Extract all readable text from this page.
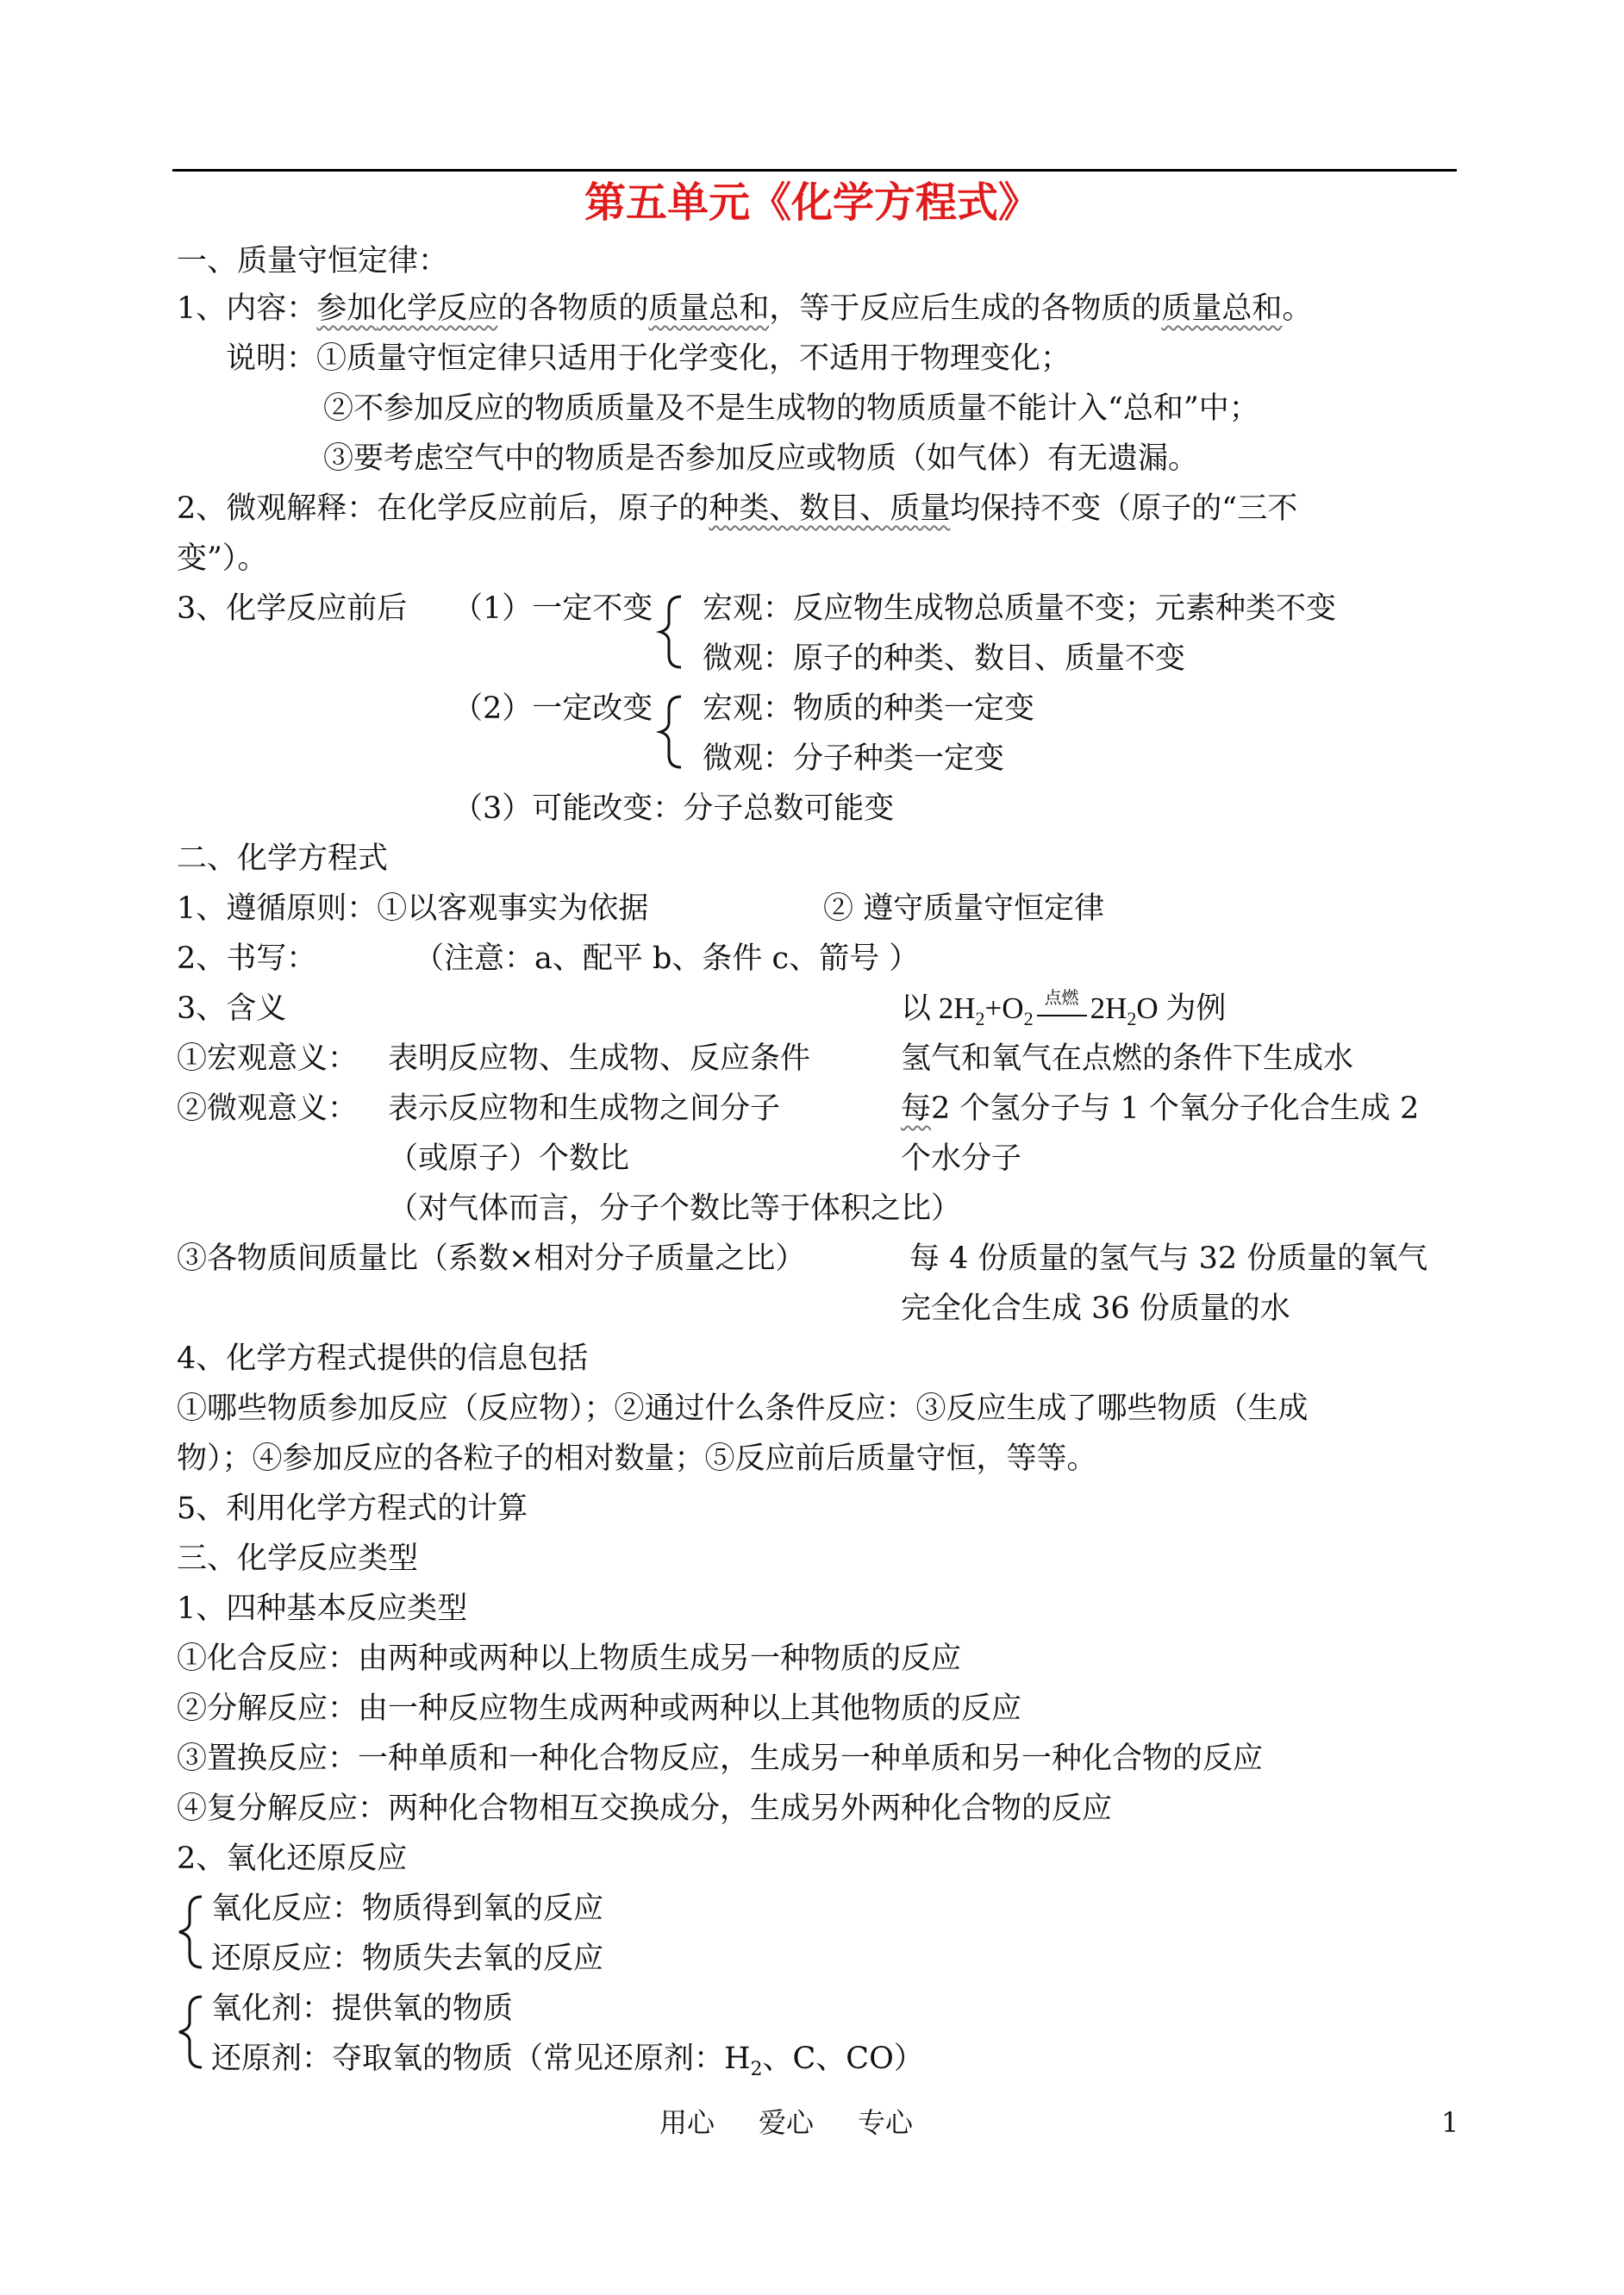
第五单元《化学方程式》
一、质量守恒定律：
1、内容：参加化学反应的各物质的质量总和，等于反应后生成的各物质的质量总和。
说明：①质量守恒定律只适用于化学变化，不适用于物理变化；
②不参加反应的物质质量及不是生成物的物质质量不能计入“总和”中；
③要考虑空气中的物质是否参加反应或物质（如气体）有无遗漏。
2、微观解释：在化学反应前后，原子的种类、数目、质量均保持不变（原子的“三不
变”）。
3、化学反应前后 （1）一定不变 宏观：反应物生成物总质量不变；元素种类不变
微观：原子的种类、数目、质量不变
（2）一定改变 宏观：物质的种类一定变
微观：分子种类一定变
（3）可能改变：分子总数可能变
二、化学方程式
1、遵循原则：①以客观事实为依据	② 遵守质量守恒定律
2、书写：	（注意：a、配平 b、条件 c、箭号 ）
3、含义	以 $2H_2+O_2$
点燃 $2H_2O$ 为例
①宏观意义： 表明反应物、生成物、反应条件	氢气和氧气在点燃的条件下生成水
②微观意义： 表示反应物和生成物之间分子	每2 个氢分子与 1 个氧分子化合生成 2
（或原子）个数比	个水分子
（对气体而言，分子个数比等于体积之比）
③各物质间质量比（系数×相对分子质量之比）	每 4 份质量的氢气与 32 份质量的氧气
完全化合生成 36 份质量的水
4、化学方程式提供的信息包括
①哪些物质参加反应（反应物）；②通过什么条件反应：③反应生成了哪些物质（生成
物）；④参加反应的各粒子的相对数量；⑤反应前后质量守恒，等等。
5、利用化学方程式的计算
三、化学反应类型
1、四种基本反应类型
①化合反应：由两种或两种以上物质生成另一种物质的反应
②分解反应：由一种反应物生成两种或两种以上其他物质的反应
③置换反应：一种单质和一种化合物反应，生成另一种单质和另一种化合物的反应
④复分解反应：两种化合物相互交换成分，生成另外两种化合物的反应
2、氧化还原反应
氧化反应：物质得到氧的反应
还原反应：物质失去氧的反应
氧化剂：提供氧的物质
还原剂：夺取氧的物质（常见还原剂：$H_2$、C、CO）
用心 爱心 专心	1
